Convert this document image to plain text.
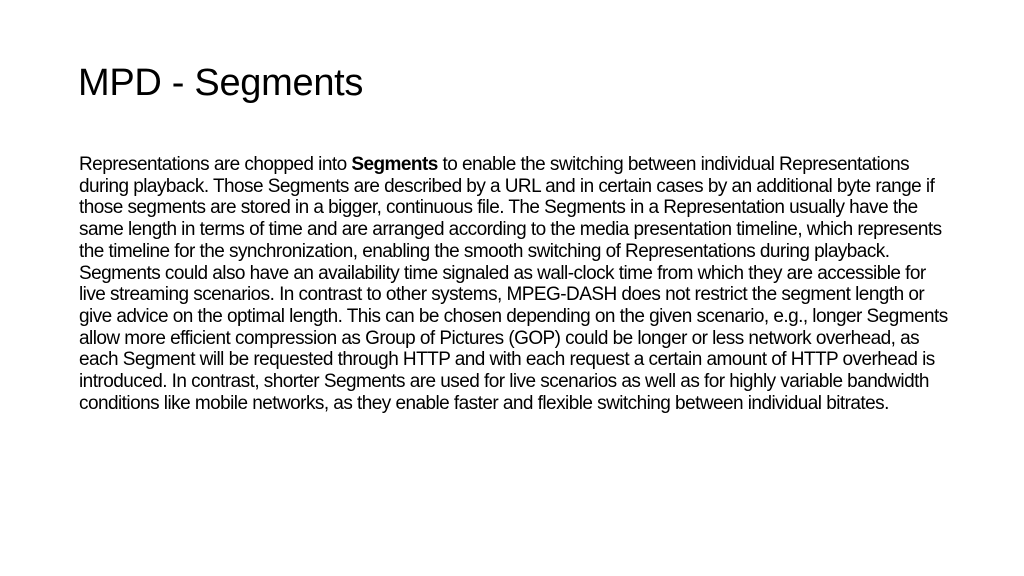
MPD - Segments

Representations are chopped into Segments to enable the switching between individual Representations during playback. Those Segments are described by a URL and in certain cases by an additional byte range if those segments are stored in a bigger, continuous file. The Segments in a Representation usually have the same length in terms of time and are arranged according to the media presentation timeline, which represents the timeline for the synchronization, enabling the smooth switching of Representations during playback. Segments could also have an availability time signaled as wall-clock time from which they are accessible for live streaming scenarios. In contrast to other systems, MPEG-DASH does not restrict the segment length or give advice on the optimal length. This can be chosen depending on the given scenario, e.g., longer Segments allow more efficient compression as Group of Pictures (GOP) could be longer or less network overhead, as each Segment will be requested through HTTP and with each request a certain amount of HTTP overhead is introduced. In contrast, shorter Segments are used for live scenarios as well as for highly variable bandwidth conditions like mobile networks, as they enable faster and flexible switching between individual bitrates.
